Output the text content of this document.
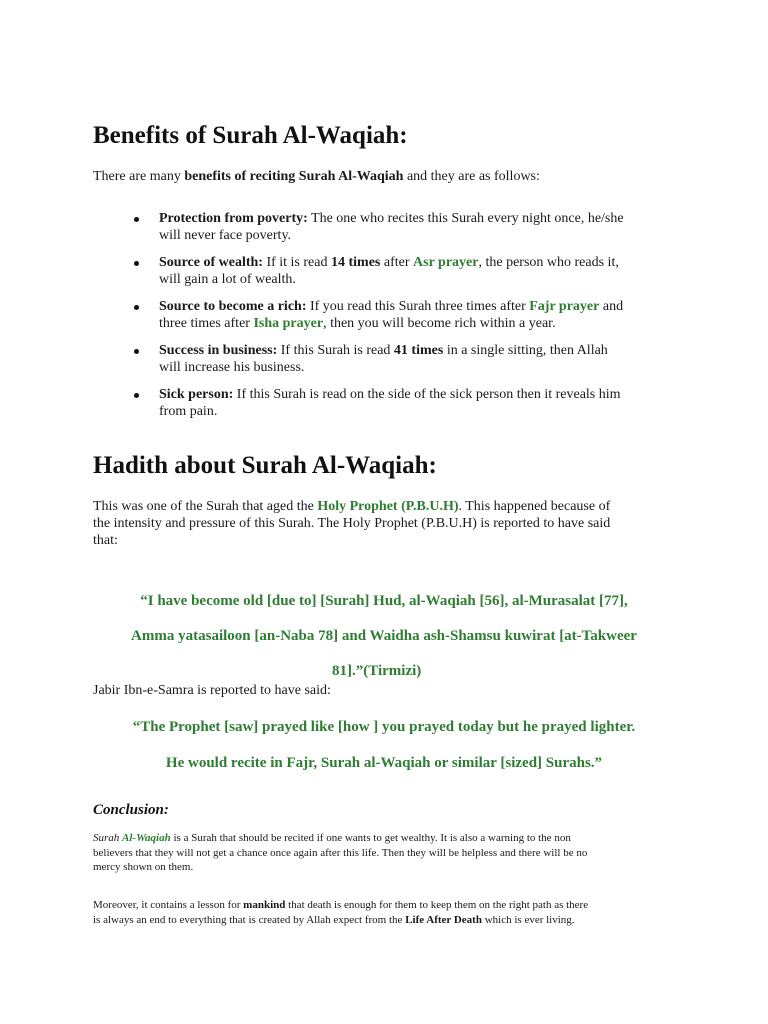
Benefits of Surah Al-Waqiah:
There are many benefits of reciting Surah Al-Waqiah and they are as follows:
Protection from poverty: The one who recites this Surah every night once, he/she
will never face poverty.
Source of wealth: If it is read 14 times after Asr prayer, the person who reads it,
will gain a lot of wealth.
Source to become a rich: If you read this Surah three times after Fajr prayer and
three times after Isha prayer, then you will become rich within a year.
Success in business: If this Surah is read 41 times in a single sitting, then Allah
will increase his business.
Sick person: If this Surah is read on the side of the sick person then it reveals him
from pain.
Hadith about Surah Al-Waqiah:
This was one of the Surah that aged the Holy Prophet (P.B.U.H). This happened because of
the intensity and pressure of this Surah. The Holy Prophet (P.B.U.H) is reported to have said
that:
“I have become old [due to] [Surah] Hud, al-Waqiah [56], al-Murasalat [77],
Amma yatasailoon [an-Naba 78] and Waidha ash-Shamsu kuwirat [at-Takweer
81].”(Tirmizi)
Jabir Ibn-e-Samra is reported to have said:
“The Prophet [saw] prayed like [how ] you prayed today but he prayed lighter.
He would recite in Fajr, Surah al-Waqiah or similar [sized] Surahs.”
Conclusion:
Surah Al-Waqiah is a Surah that should be recited if one wants to get wealthy. It is also a warning to the non
believers that they will not get a chance once again after this life. Then they will be helpless and there will be no
mercy shown on them.
Moreover, it contains a lesson for mankind that death is enough for them to keep them on the right path as there
is always an end to everything that is created by Allah expect from the Life After Death which is ever living.
